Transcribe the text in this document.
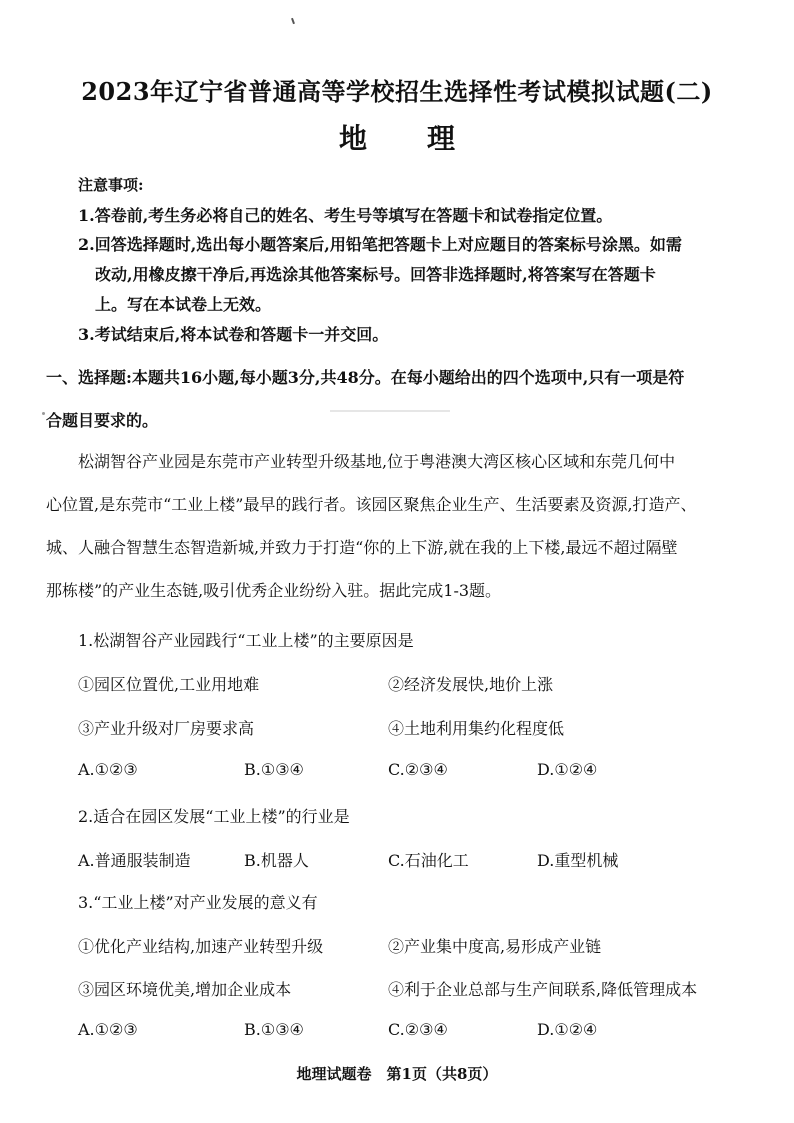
2023年辽宁省普通高等学校招生选择性考试模拟试题(二)
地理
注意事项:
1.答卷前,考生务必将自己的姓名、考生号等填写在答题卡和试卷指定位置。
2.回答选择题时,选出每小题答案后,用铅笔把答题卡上对应题目的答案标号涂黑。如需
改动,用橡皮擦干净后,再选涂其他答案标号。回答非选择题时,将答案写在答题卡
上。写在本试卷上无效。
3.考试结束后,将本试卷和答题卡一并交回。
一、选择题:本题共16小题,每小题3分,共48分。在每小题给出的四个选项中,只有一项是符
合题目要求的。
松湖智谷产业园是东莞市产业转型升级基地,位于粤港澳大湾区核心区域和东莞几何中
心位置,是东莞市“工业上楼”最早的践行者。该园区聚焦企业生产、生活要素及资源,打造产、
城、人融合智慧生态智造新城,并致力于打造“你的上下游,就在我的上下楼,最远不超过隔壁
那栋楼”的产业生态链,吸引优秀企业纷纷入驻。据此完成1-3题。
1.松湖智谷产业园践行“工业上楼”的主要原因是
①园区位置优,工业用地难	②经济发展快,地价上涨
③产业升级对厂房要求高	④土地利用集约化程度低
A.①②③	B.①③④	C.②③④	D.①②④
2.适合在园区发展“工业上楼”的行业是
A.普通服装制造	B.机器人	C.石油化工	D.重型机械
3.“工业上楼”对产业发展的意义有
①优化产业结构,加速产业转型升级	②产业集中度高,易形成产业链
③园区环境优美,增加企业成本	④利于企业总部与生产间联系,降低管理成本
A.①②③	B.①③④	C.②③④	D.①②④
地理试题卷　第1页（共8页）
